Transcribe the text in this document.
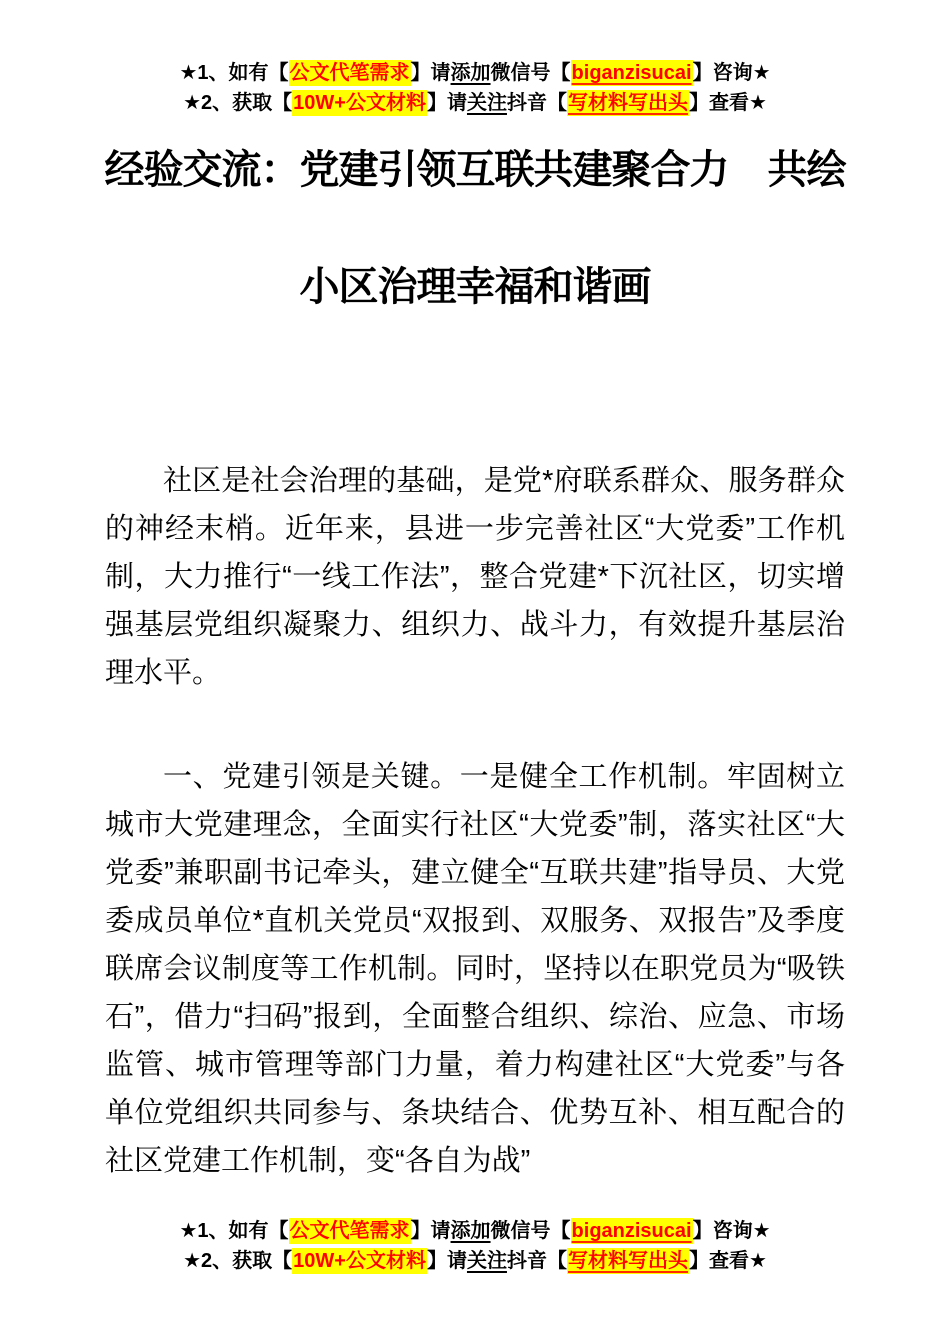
★1、如有【公文代笔需求】请添加微信号【biganzisucai】咨询★
★2、获取【10W+公文材料】请关注抖音【写材料写出头】查看★
经验交流：党建引领互联共建聚合力　共绘
小区治理幸福和谐画

社区是社会治理的基础，是党*府联系群众、服务群众的神经末梢。近年来，县进一步完善社区“大党委”工作机制，大力推行“一线工作法”，整合党建*下沉社区，切实增强基层党组织凝聚力、组织力、战斗力，有效提升基层治理水平。

一、党建引领是关键。一是健全工作机制。牢固树立城市大党建理念，全面实行社区“大党委”制，落实社区“大党委”兼职副书记牵头，建立健全“互联共建”指导员、大党委成员单位*直机关党员“双报到、双服务、双报告”及季度联席会议制度等工作机制。同时，坚持以在职党员为“吸铁石”，借力“扫码”报到，全面整合组织、综治、应急、市场监管、城市管理等部门力量，着力构建社区“大党委”与各单位党组织共同参与、条块结合、优势互补、相互配合的社区党建工作机制，变“各自为战”

★1、如有【公文代笔需求】请添加微信号【biganzisucai】咨询★
★2、获取【10W+公文材料】请关注抖音【写材料写出头】查看★
